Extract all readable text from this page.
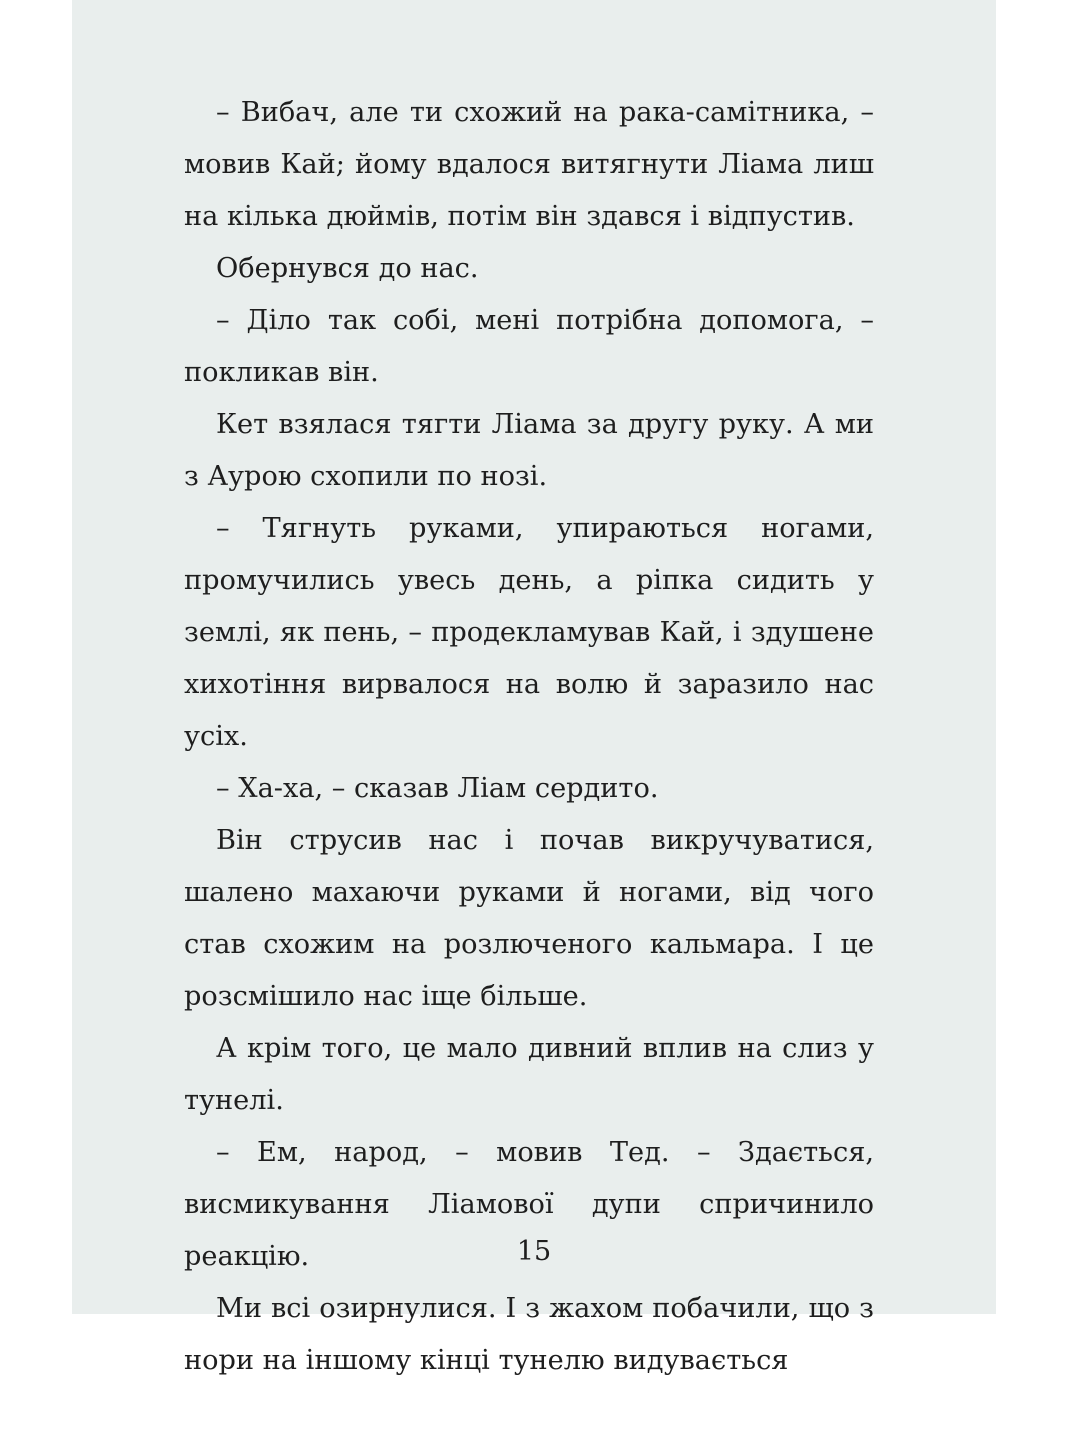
– Вибач, але ти схожий на рака-самітника, – мовив Кай; йому вдалося витягнути Ліама лиш на кілька дюймів, потім він здався і відпустив.

Обернувся до нас.

– Діло так собі, мені потрібна допомога, – покликав він.

Кет взялася тягти Ліама за другу руку. А ми з Аурою схопили по нозі.

– Тягнуть руками, упираються ногами, промучились увесь день, а ріпка сидить у землі, як пень, – продекламував Кай, і здушене хихотіння вирвалося на волю й заразило нас усіх.

– Ха-ха, – сказав Ліам сердито.

Він струсив нас і почав викручуватися, шалено махаючи руками й ногами, від чого став схожим на розлюченого кальмара. І це розсмішило нас іще більше.

А крім того, це мало дивний вплив на слиз у тунелі.

– Ем, народ, – мовив Тед. – Здається, висмикування Ліамової дупи спричинило реакцію.

Ми всі озирнулися. І з жахом побачили, що з нори на іншому кінці тунелю видувається

15
